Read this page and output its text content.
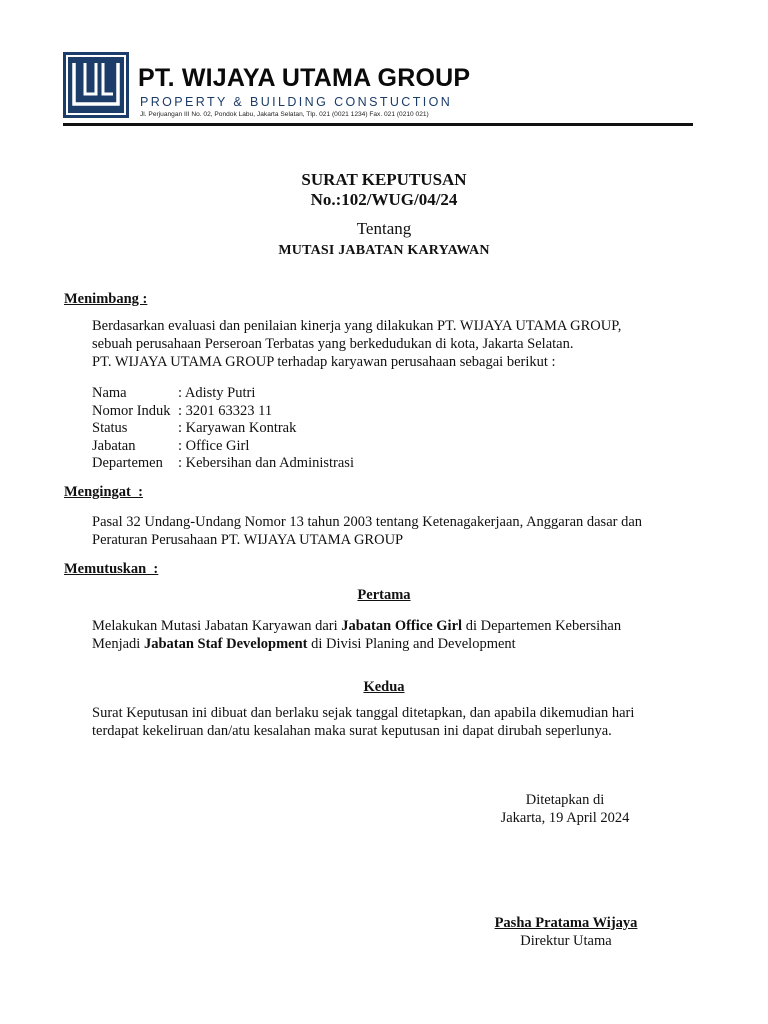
PT. WIJAYA UTAMA GROUP
PROPERTY & BUILDING CONSTUCTION
Jl. Perjuangan III No. 02, Pondok Labu, Jakarta Selatan, Tlp. 021 (0021 1234) Fax. 021 (0210 021)
SURAT KEPUTUSAN
No.:102/WUG/04/24
Tentang
MUTASI JABATAN KARYAWAN
Menimbang :
Berdasarkan evaluasi dan penilaian kinerja yang dilakukan PT. WIJAYA UTAMA GROUP,
sebuah perusahaan Perseroan Terbatas yang berkedudukan di kota, Jakarta Selatan.
PT. WIJAYA UTAMA GROUP terhadap karyawan perusahaan sebagai berikut :
Nama	: Adisty Putri
Nomor Induk : 3201 63323 11
Status	: Karyawan Kontrak
Jabatan	: Office Girl
Departemen : Kebersihan dan Administrasi
Mengingat  :
Pasal 32 Undang-Undang Nomor 13 tahun 2003 tentang Ketenagakerjaan, Anggaran dasar dan
Peraturan Perusahaan PT. WIJAYA UTAMA GROUP
Memutuskan  :
Pertama
Melakukan Mutasi Jabatan Karyawan dari Jabatan Office Girl di Departemen Kebersihan
Menjadi Jabatan Staf Development di Divisi Planing and Development
Kedua
Surat Keputusan ini dibuat dan berlaku sejak tanggal ditetapkan, dan apabila dikemudian hari
terdapat kekeliruan dan/atu kesalahan maka surat keputusan ini dapat dirubah seperlunya.
Ditetapkan di
Jakarta, 19 April 2024
Pasha Pratama Wijaya
Direktur Utama
